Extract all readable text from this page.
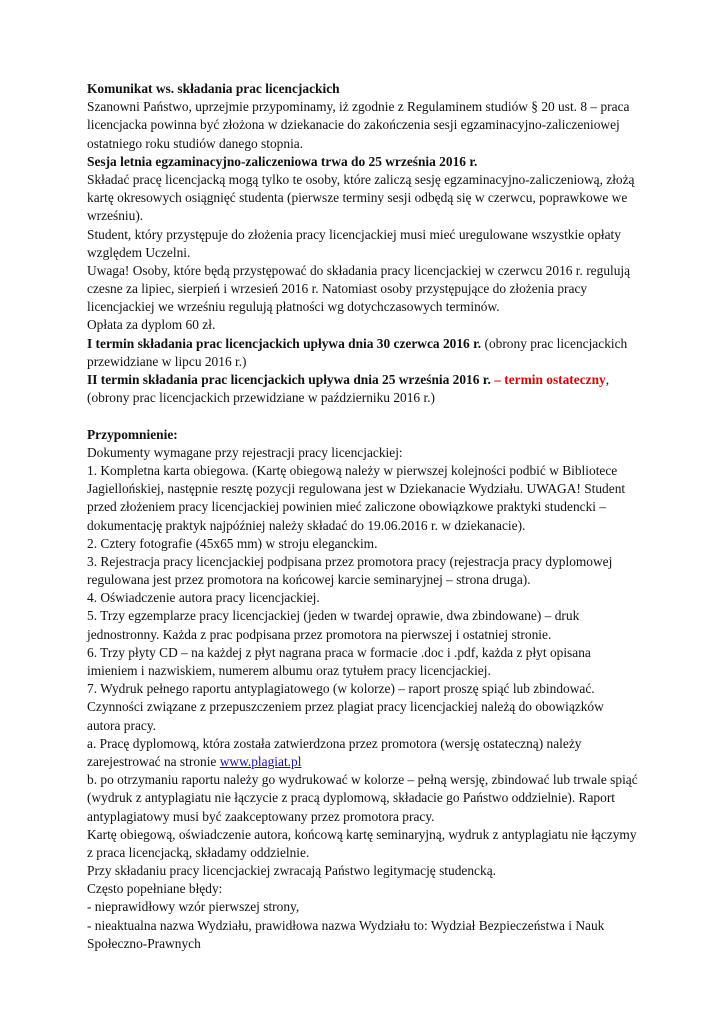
Komunikat ws. składania prac licencjackich
Szanowni Państwo, uprzejmie przypominamy, iż zgodnie z Regulaminem studiów § 20 ust. 8 – praca
licencjacka powinna być złożona w dziekanacie do zakończenia sesji egzaminacyjno-zaliczeniowej
ostatniego roku studiów danego stopnia.
Sesja letnia egzaminacyjno-zaliczeniowa trwa do 25 września 2016 r.
Składać pracę licencjacką mogą tylko te osoby, które zaliczą sesję egzaminacyjno-zaliczeniową, złożą
kartę okresowych osiągnięć studenta (pierwsze terminy sesji odbędą się w czerwcu, poprawkowe we
wrześniu).
Student, który przystępuje do złożenia pracy licencjackiej musi mieć uregulowane wszystkie opłaty
względem Uczelni.
Uwaga! Osoby, które będą przystępować do składania pracy licencjackiej w czerwcu 2016 r. regulują
czesne za lipiec, sierpień i wrzesień 2016 r. Natomiast osoby przystępujące do złożenia pracy
licencjackiej we wrześniu regulują płatności wg dotychczasowych terminów.
Opłata za dyplom 60 zł.
I termin składania prac licencjackich upływa dnia 30 czerwca 2016 r. (obrony prac licencjackich
przewidziane w lipcu 2016 r.)
II termin składania prac licencjackich upływa dnia 25 września 2016 r. – termin ostateczny,
(obrony prac licencjackich przewidziane w październiku 2016 r.)
Przypomnienie:
Dokumenty wymagane przy rejestracji pracy licencjackiej:
1. Kompletna karta obiegowa. (Kartę obiegową należy w pierwszej kolejności podbić w Bibliotece
Jagiellońskiej, następnie resztę pozycji regulowana jest w Dziekanacie Wydziału. UWAGA! Student
przed złożeniem pracy licencjackiej powinien mieć zaliczone obowiązkowe praktyki studencki –
dokumentację praktyk najpóźniej należy składać do 19.06.2016 r. w dziekanacie).
2. Cztery fotografie (45x65 mm) w stroju eleganckim.
3. Rejestracja pracy licencjackiej podpisana przez promotora pracy (rejestracja pracy dyplomowej
regulowana jest przez promotora na końcowej karcie seminaryjnej – strona druga).
4. Oświadczenie autora pracy licencjackiej.
5. Trzy egzemplarze pracy licencjackiej (jeden w twardej oprawie, dwa zbindowane) – druk
jednostronny. Każda z prac podpisana przez promotora na pierwszej i ostatniej stronie.
6. Trzy płyty CD – na każdej z płyt nagrana praca w formacie .doc i .pdf, każda z płyt opisana
imieniem i nazwiskiem, numerem albumu oraz tytułem pracy licencjackiej.
7. Wydruk pełnego raportu antyplagiatowego (w kolorze) – raport proszę spiąć lub zbindować.
Czynności związane z przepuszczeniem przez plagiat pracy licencjackiej należą do obowiązków
autora pracy.
a. Pracę dyplomową, która została zatwierdzona przez promotora (wersję ostateczną) należy
zarejestrować na stronie www.plagiat.pl
b. po otrzymaniu raportu należy go wydrukować w kolorze – pełną wersję, zbindować lub trwale spiąć
(wydruk z antyplagiatu nie łączycie z pracą dyplomową, składacie go Państwo oddzielnie). Raport
antyplagiatowy musi być zaakceptowany przez promotora pracy.
Kartę obiegową, oświadczenie autora, końcową kartę seminaryjną, wydruk z antyplagiatu nie łączymy
z praca licencjacką, składamy oddzielnie.
Przy składaniu pracy licencjackiej zwracają Państwo legitymację studencką.
Często popełniane błędy:
- nieprawidłowy wzór pierwszej strony,
- nieaktualna nazwa Wydziału, prawidłowa nazwa Wydziału to: Wydział Bezpieczeństwa i Nauk
Społeczno-Prawnych
